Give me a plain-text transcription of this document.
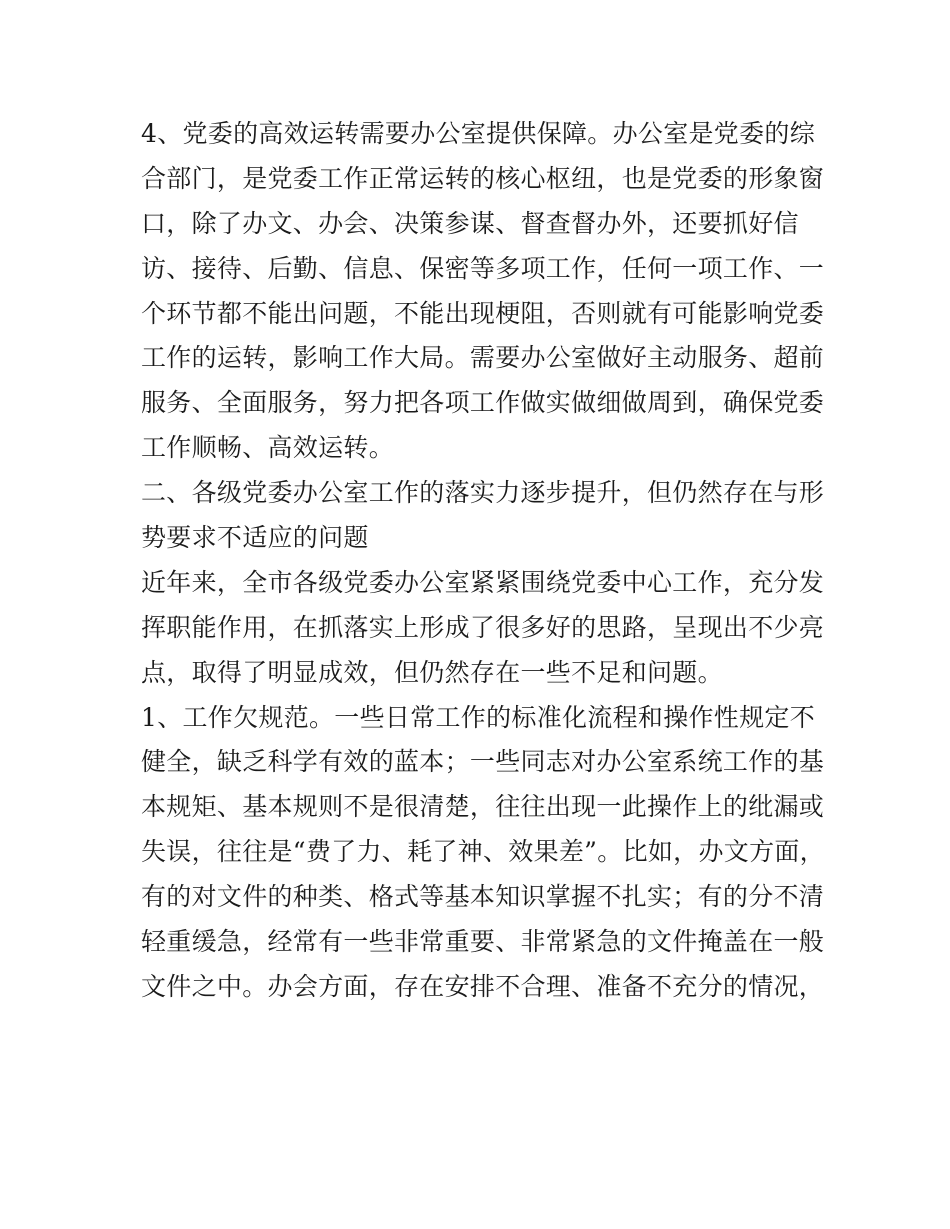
4、党委的高效运转需要办公室提供保障。办公室是党委的综
合部门，是党委工作正常运转的核心枢纽，也是党委的形象窗
口，除了办文、办会、决策参谋、督查督办外，还要抓好信
访、接待、后勤、信息、保密等多项工作，任何一项工作、一
个环节都不能出问题，不能出现梗阻，否则就有可能影响党委
工作的运转，影响工作大局。需要办公室做好主动服务、超前
服务、全面服务，努力把各项工作做实做细做周到，确保党委
工作顺畅、高效运转。
二、各级党委办公室工作的落实力逐步提升，但仍然存在与形
势要求不适应的问题
近年来，全市各级党委办公室紧紧围绕党委中心工作，充分发
挥职能作用，在抓落实上形成了很多好的思路，呈现出不少亮
点，取得了明显成效，但仍然存在一些不足和问题。
1、工作欠规范。一些日常工作的标准化流程和操作性规定不
健全，缺乏科学有效的蓝本；一些同志对办公室系统工作的基
本规矩、基本规则不是很清楚，往往出现一此操作上的纰漏或
失误，往往是“费了力、耗了神、效果差”。比如，办文方面，
有的对文件的种类、格式等基本知识掌握不扎实；有的分不清
轻重缓急，经常有一些非常重要、非常紧急的文件掩盖在一般
文件之中。办会方面，存在安排不合理、准备不充分的情况，
